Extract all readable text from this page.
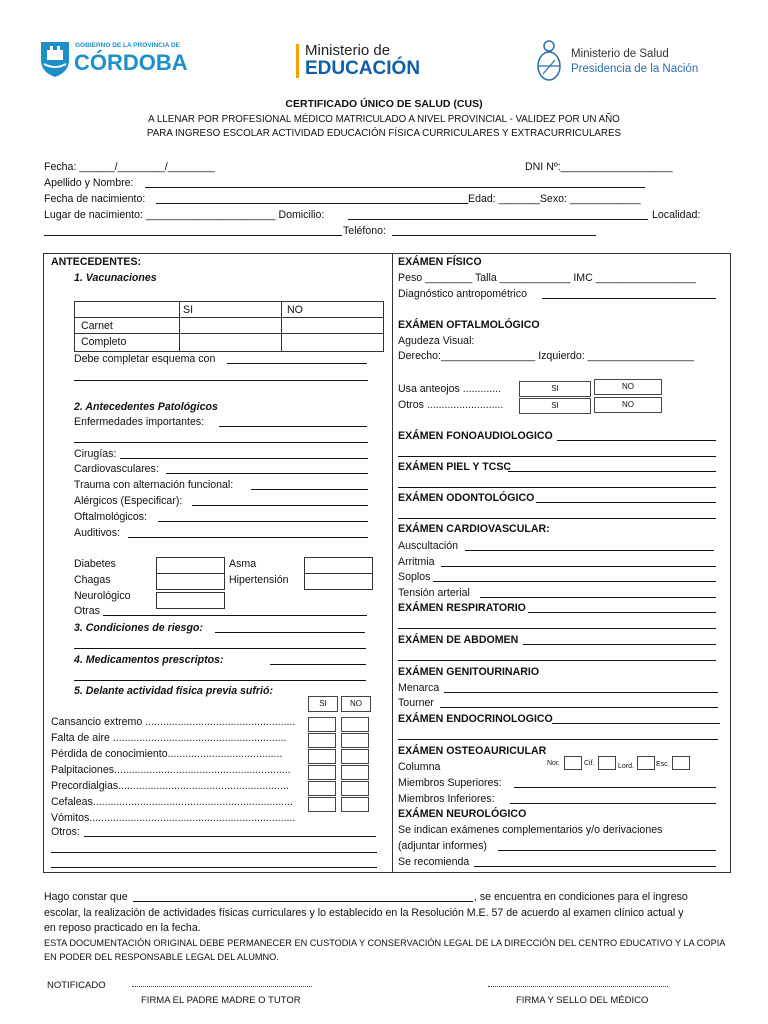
GOBIERNO DE LA PROVINCIA DE
CÓRDOBA	Ministerio de
EDUCACIÓN
Ministerio de Salud
Presidencia de la Nación
CERTIFICADO ÚNICO DE SALUD (CUS)
A LLENAR POR PROFESIONAL MÉDICO MATRICULADO A NIVEL PROVINCIAL - VALIDEZ POR UN AÑO
PARA INGRESO ESCOLAR ACTIVIDAD EDUCACIÓN FÍSICA CURRICULARES Y EXTRACURRICULARES
Fecha: ______/________/________	DNI Nº:___________________
Apellido y Nombre:
Fecha de nacimiento:	Edad: _______Sexo: ____________
Lugar de nacimiento: ______________________ Domicilio:	Localidad:
Teléfono:
ANTECEDENTES:
1. Vacunaciones
SI	NO
Carnet
Completo
Debe completar esquema con
2. Antecedentes Patológicos
Enfermedades importantes:
Cirugías:
Cardiovasculares:
Trauma con alternación funcional:
Alérgicos (Especificar):
Oftalmológicos:
Auditivos:
Diabetes	Asma
Chagas	Hipertensión
Neurológico
Otras
3. Condiciones de riesgo:
4. Medicamentos prescriptos:
5. Delante actividad física previa sufrió:
SI	NO
Cansancio extremo ...................................................
Falta de aire ...........................................................
Pérdida de conocimiento.......................................
Palpitaciones............................................................
Precordialgias..........................................................
Cefaleas....................................................................
Vómitos......................................................................
Otros:
EXÁMEN FÍSICO
Peso ________ Talla ____________ IMC _________________
Diagnóstico antropométrico
EXÁMEN OFTALMOLÓGICO
Agudeza Visual:
Derecho:________________ Izquierdo: __________________
Usa anteojos .............	SI	NO
Otros ..........................	SI	NO
EXÁMEN FONOAUDIOLOGICO
EXÁMEN PIEL Y TCSC
EXÁMEN ODONTOLÓGICO
EXÁMEN CARDIOVASCULAR:
Auscultación
Arritmia
Soplos
Tensión arterial
EXÁMEN RESPIRATORIO
EXÁMEN DE ABDOMEN
EXÁMEN GENITOURINARIO
Menarca
Tourner
EXÁMEN ENDOCRINOLOGICO
EXÁMEN OSTEOAURICULAR
Columna	Nor.	Cif.	Lord.	Esc.
Miembros Superiores:
Miembros Inferiores:
EXÁMEN NEUROLÓGICO
Se indican exámenes complementarios y/o derivaciones
(adjuntar informes)
Se recomienda
Hago constar que	, se encuentra en condiciones para el ingreso
escolar, la realización de actividades físicas curriculares y lo establecido en la Resolución M.E. 57 de acuerdo al examen clínico actual y
en reposo practicado en la fecha.
ESTA DOCUMENTACIÓN ORIGINAL DEBE PERMANECER EN CUSTODIA Y CONSERVACIÓN LEGAL DE LA DIRECCIÓN DEL CENTRO EDUCATIVO Y LA COPIA
EN PODER DEL RESPONSABLE LEGAL DEL ALUMNO.
NOTIFICADO
FIRMA EL PADRE MADRE O TUTOR	FIRMA Y SELLO DEL MÉDICO
